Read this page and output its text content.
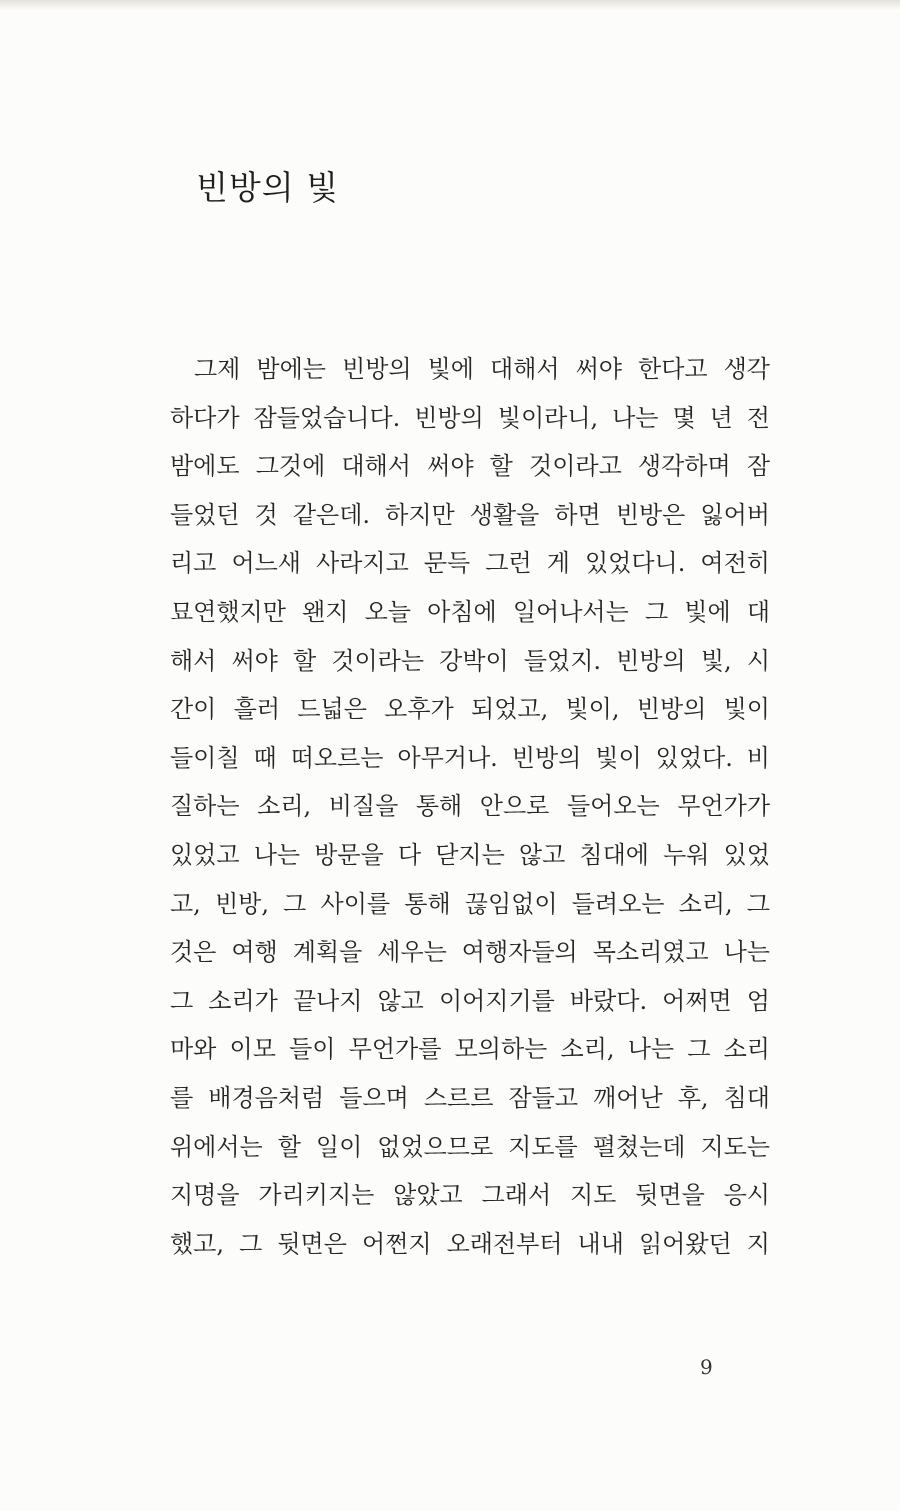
빈방의 빛
그제 밤에는 빈방의 빛에 대해서 써야 한다고 생각
하다가 잠들었습니다. 빈방의 빛이라니, 나는 몇 년 전
밤에도 그것에 대해서 써야 할 것이라고 생각하며 잠
들었던 것 같은데. 하지만 생활을 하면 빈방은 잃어버
리고 어느새 사라지고 문득 그런 게 있었다니. 여전히
묘연했지만 왠지 오늘 아침에 일어나서는 그 빛에 대
해서 써야 할 것이라는 강박이 들었지. 빈방의 빛, 시
간이 흘러 드넓은 오후가 되었고, 빛이, 빈방의 빛이
들이칠 때 떠오르는 아무거나. 빈방의 빛이 있었다. 비
질하는 소리, 비질을 통해 안으로 들어오는 무언가가
있었고 나는 방문을 다 닫지는 않고 침대에 누워 있었
고, 빈방, 그 사이를 통해 끊임없이 들려오는 소리, 그
것은 여행 계획을 세우는 여행자들의 목소리였고 나는
그 소리가 끝나지 않고 이어지기를 바랐다. 어쩌면 엄
마와 이모 들이 무언가를 모의하는 소리, 나는 그 소리
를 배경음처럼 들으며 스르르 잠들고 깨어난 후, 침대
위에서는 할 일이 없었으므로 지도를 펼쳤는데 지도는
지명을 가리키지는 않았고 그래서 지도 뒷면을 응시
했고, 그 뒷면은 어쩐지 오래전부터 내내 읽어왔던 지
9
